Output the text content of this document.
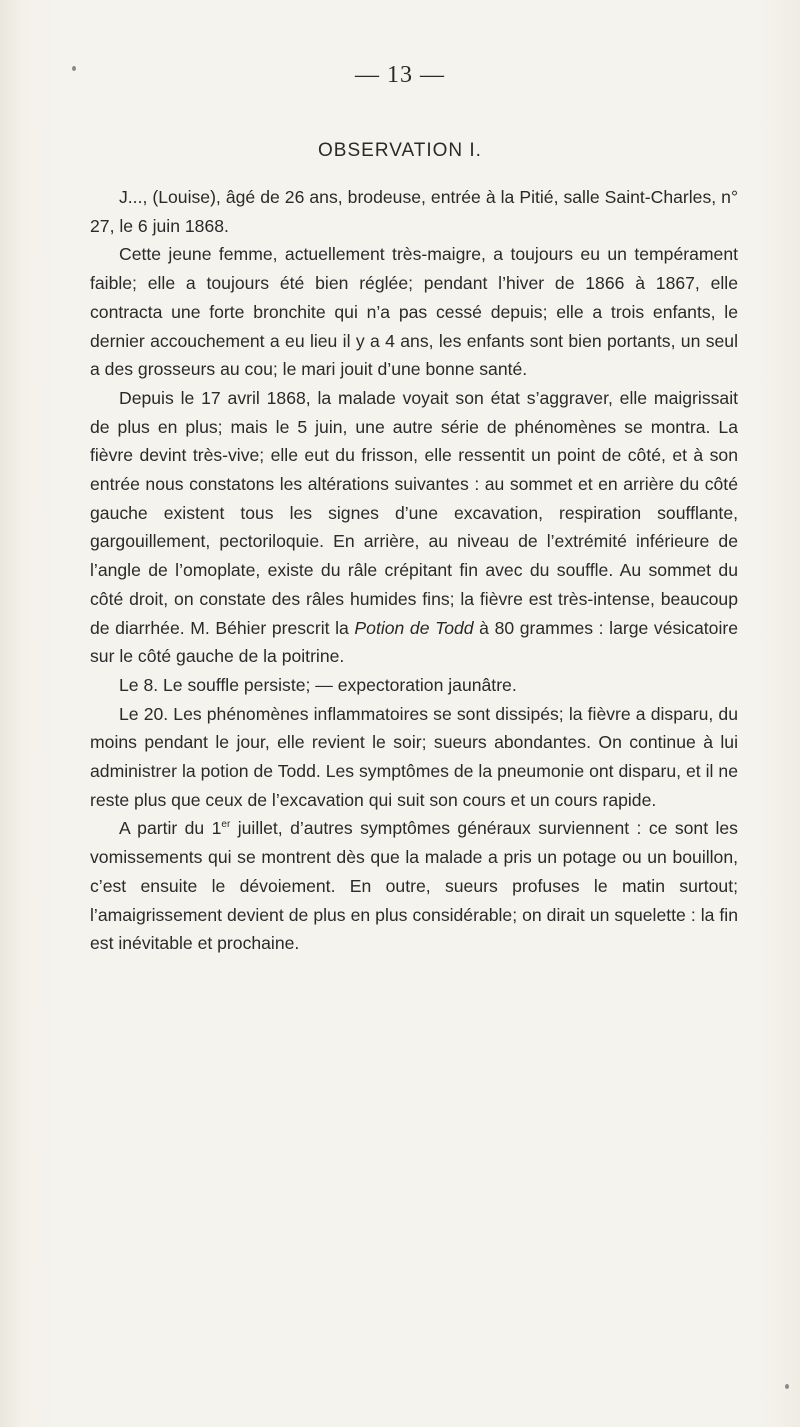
— 13 —
OBSERVATION I.

J..., (Louise), âgé de 26 ans, brodeuse, entrée à la Pitié, salle Saint-Charles, n° 27, le 6 juin 1868.

Cette jeune femme, actuellement très-maigre, a toujours eu un tempérament faible; elle a toujours été bien réglée; pendant l’hiver de 1866 à 1867, elle contracta une forte bronchite qui n’a pas cessé depuis; elle a trois enfants, le dernier accouchement a eu lieu il y a 4 ans, les enfants sont bien portants, un seul a des grosseurs au cou; le mari jouit d’une bonne santé.

Depuis le 17 avril 1868, la malade voyait son état s’aggraver, elle maigrissait de plus en plus; mais le 5 juin, une autre série de phénomènes se montra. La fièvre devint très-vive; elle eut du frisson, elle ressentit un point de côté, et à son entrée nous constatons les altérations suivantes : au sommet et en arrière du côté gauche existent tous les signes d’une excavation, respiration soufflante, gargouillement, pectoriloquie. En arrière, au niveau de l’extrémité inférieure de l’angle de l’omoplate, existe du râle crépitant fin avec du souffle. Au sommet du côté droit, on constate des râles humides fins; la fièvre est très-intense, beaucoup de diarrhée. M. Béhier prescrit la Potion de Todd à 80 grammes : large vésicatoire sur le côté gauche de la poitrine.

Le 8. Le souffle persiste; — expectoration jaunâtre.

Le 20. Les phénomènes inflammatoires se sont dissipés; la fièvre a disparu, du moins pendant le jour, elle revient le soir; sueurs abondantes. On continue à lui administrer la potion de Todd. Les symptômes de la pneumonie ont disparu, et il ne reste plus que ceux de l’excavation qui suit son cours et un cours rapide.

A partir du 1er juillet, d’autres symptômes généraux surviennent : ce sont les vomissements qui se montrent dès que la malade a pris un potage ou un bouillon, c’est ensuite le dévoiement. En outre, sueurs profuses le matin surtout; l’amaigrissement devient de plus en plus considérable; on dirait un squelette : la fin est inévitable et prochaine.
